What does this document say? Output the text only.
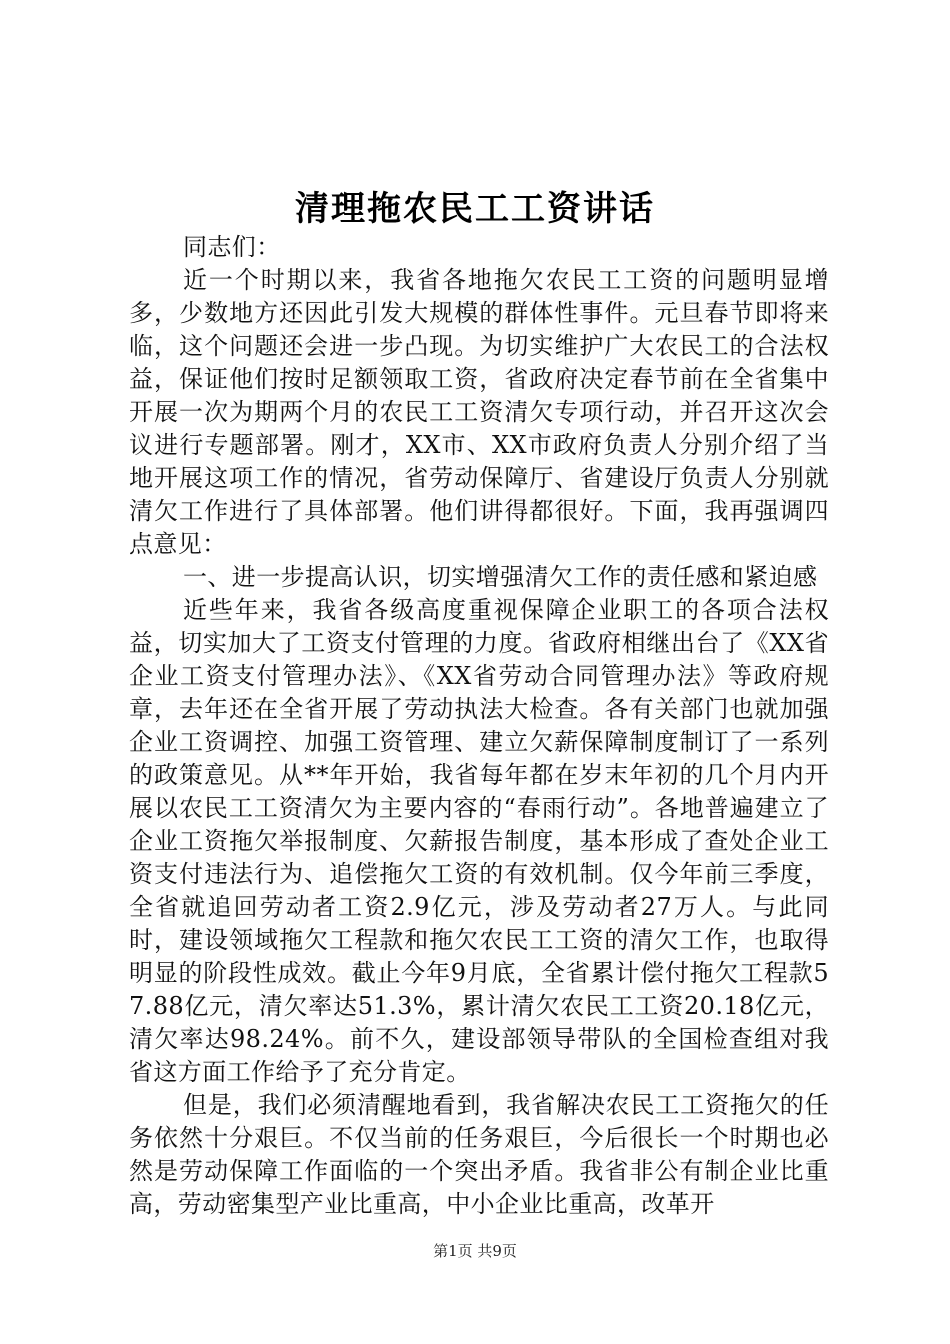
清理拖农民工工资讲话

同志们：

近一个时期以来，我省各地拖欠农民工工资的问题明显增多，少数地方还因此引发大规模的群体性事件。元旦春节即将来临，这个问题还会进一步凸现。为切实维护广大农民工的合法权益，保证他们按时足额领取工资，省政府决定春节前在全省集中开展一次为期两个月的农民工工资清欠专项行动，并召开这次会议进行专题部署。刚才，XX市、XX市政府负责人分别介绍了当地开展这项工作的情况，省劳动保障厅、省建设厅负责人分别就清欠工作进行了具体部署。他们讲得都很好。下面，我再强调四点意见：

一、进一步提高认识，切实增强清欠工作的责任感和紧迫感

近些年来，我省各级高度重视保障企业职工的各项合法权益，切实加大了工资支付管理的力度。省政府相继出台了《XX省企业工资支付管理办法》、《XX省劳动合同管理办法》等政府规章，去年还在全省开展了劳动执法大检查。各有关部门也就加强企业工资调控、加强工资管理、建立欠薪保障制度制订了一系列的政策意见。从**年开始，我省每年都在岁末年初的几个月内开展以农民工工资清欠为主要内容的“春雨行动”。各地普遍建立了企业工资拖欠举报制度、欠薪报告制度，基本形成了查处企业工资支付违法行为、追偿拖欠工资的有效机制。仅今年前三季度，全省就追回劳动者工资2.9亿元，涉及劳动者27万人。与此同时，建设领域拖欠工程款和拖欠农民工工资的清欠工作，也取得明显的阶段性成效。截止今年9月底，全省累计偿付拖欠工程款57.88亿元，清欠率达51.3%，累计清欠农民工工资20.18亿元，清欠率达98.24%。前不久，建设部领导带队的全国检查组对我省这方面工作给予了充分肯定。

但是，我们必须清醒地看到，我省解决农民工工资拖欠的任务依然十分艰巨。不仅当前的任务艰巨，今后很长一个时期也必然是劳动保障工作面临的一个突出矛盾。我省非公有制企业比重高，劳动密集型产业比重高，中小企业比重高，改革开

第1页 共9页
